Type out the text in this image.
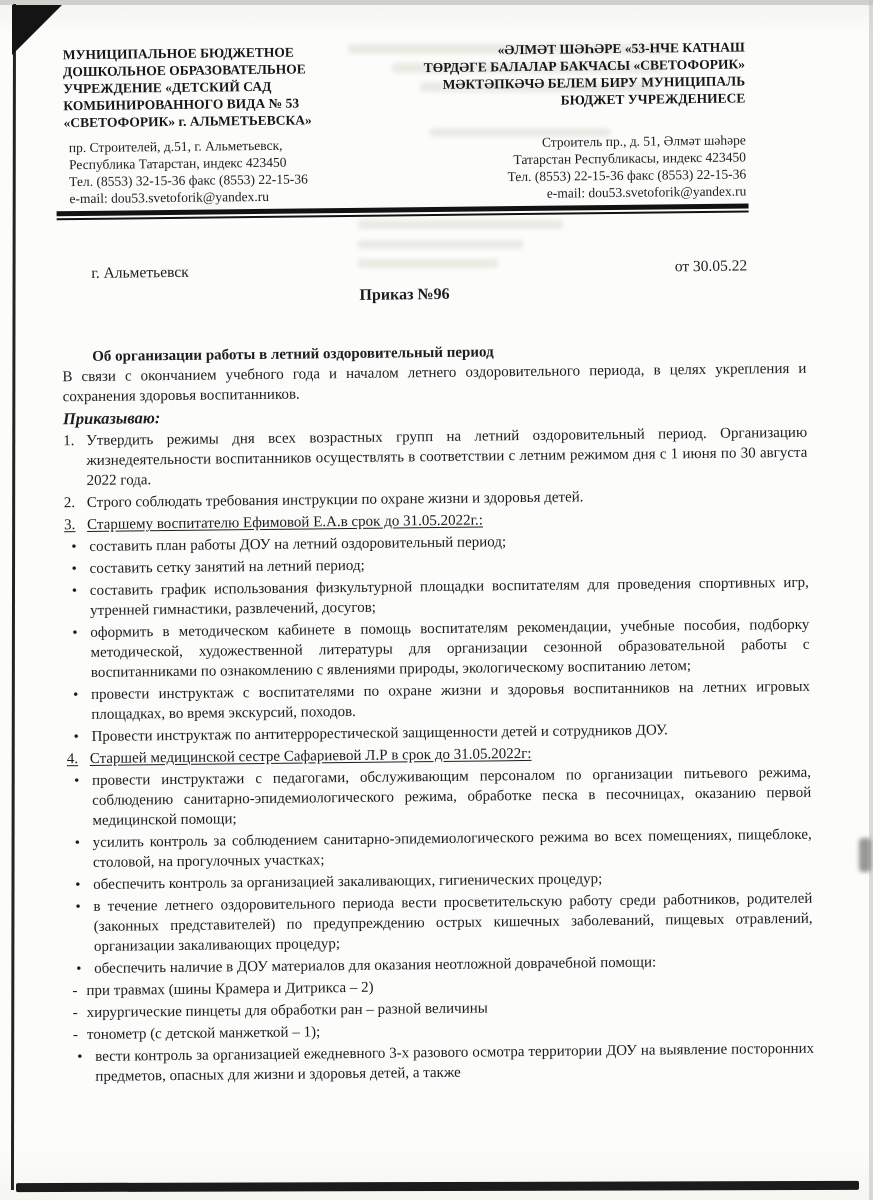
МУНИЦИПАЛЬНОЕ БЮДЖЕТНОЕ
ДОШКОЛЬНОЕ ОБРАЗОВАТЕЛЬНОЕ
УЧРЕЖДЕНИЕ «ДЕТСКИЙ САД
КОМБИНИРОВАННОГО ВИДА № 53
«СВЕТОФОРИК» г. АЛЬМЕТЬЕВСКА»
«ӘЛМӘТ ШӘҺӘРЕ «53-НЧЕ КАТНАШ
ТӨРДӘГЕ БАЛАЛАР БАКЧАСЫ «СВЕТОФОРИК»
МӘКТӘПКӘЧӘ БЕЛЕМ БИРУ МУНИЦИПАЛЬ
БЮДЖЕТ УЧРЕЖДЕНИЕСЕ
пр. Строителей, д.51, г. Альметьевск,
Республика Татарстан, индекс 423450
Тел. (8553) 32-15-36 факс (8553) 22-15-36
e-mail: dou53.svetoforik@yandex.ru
Строитель пр., д. 51, Әлмәт шәһәре
Татарстан Республикасы, индекс 423450
Тел. (8553) 22-15-36 факс (8553) 22-15-36
e-mail: dou53.svetoforik@yandex.ru
г. Альметьевск	от 30.05.22
Приказ №96

Об организации работы в летний оздоровительный период

В связи с окончанием учебного года и началом летнего оздоровительного периода, в целях укрепления и сохранения здоровья воспитанников.

Приказываю:

1. Утвердить режимы дня всех возрастных групп на летний оздоровительный период. Организацию жизнедеятельности воспитанников осуществлять в соответствии с летним режимом дня с 1 июня по 30 августа 2022 года.
2. Строго соблюдать требования инструкции по охране жизни и здоровья детей.
3. Старшему воспитателю Ефимовой Е.А.в срок до 31.05.2022г.:
• составить план работы ДОУ на летний оздоровительный период;
• составить сетку занятий на летний период;
• составить график использования физкультурной площадки воспитателям для проведения спортивных игр, утренней гимнастики, развлечений, досугов;
• оформить в методическом кабинете в помощь воспитателям рекомендации, учебные пособия, подборку методической, художественной литературы для организации сезонной образовательной работы с воспитанниками по ознакомлению с явлениями природы, экологическому воспитанию летом;
• провести инструктаж с воспитателями по охране жизни и здоровья воспитанников на летних игровых площадках, во время экскурсий, походов.
• Провести инструктаж по антитеррорестической защищенности детей и сотрудников ДОУ.
4. Старшей медицинской сестре Сафариевой Л.Р в срок до 31.05.2022г:
• провести инструктажи с педагогами, обслуживающим персоналом по организации питьевого режима, соблюдению санитарно-эпидемиологического режима, обработке песка в песочницах, оказанию первой медицинской помощи;
• усилить контроль за соблюдением санитарно-эпидемиологического режима во всех помещениях, пищеблоке, столовой, на прогулочных участках;
• обеспечить контроль за организацией закаливающих, гигиенических процедур;
• в течение летнего оздоровительного периода вести просветительскую работу среди работников, родителей (законных представителей) по предупреждению острых кишечных заболеваний, пищевых отравлений, организации закаливающих процедур;
• обеспечить наличие в ДОУ материалов для оказания неотложной доврачебной помощи:
- при травмах (шины Крамера и Дитрикса – 2)
- хирургические пинцеты для обработки ран – разной величины
- тонометр (с детской манжеткой – 1);
• вести контроль за организацией ежедневного 3-х разового осмотра территории ДОУ на выявление посторонних предметов, опасных для жизни и здоровья детей, а также
